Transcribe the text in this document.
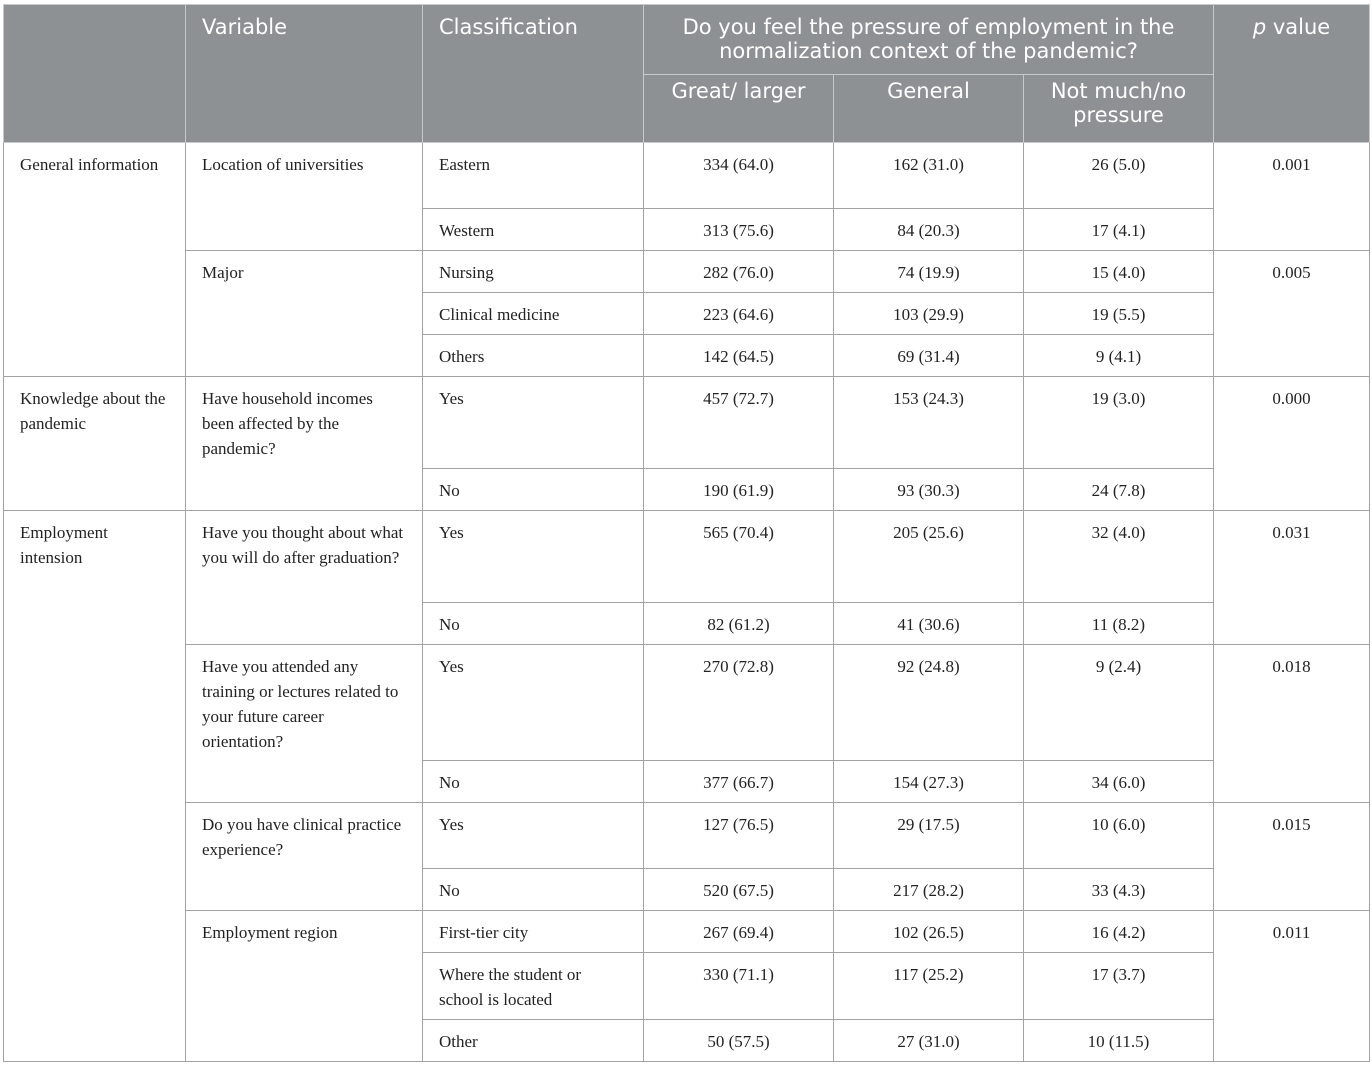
	Variable	Classification	Do you feel the pressure of employment in the normalization context of the pandemic?			p value
			Great/ larger	General	Not much/no pressure	
General information	Location of universities	Eastern	334 (64.0)	162 (31.0)	26 (5.0)	0.001
		Western	313 (75.6)	84 (20.3)	17 (4.1)	
	Major	Nursing	282 (76.0)	74 (19.9)	15 (4.0)	0.005
		Clinical medicine	223 (64.6)	103 (29.9)	19 (5.5)	
		Others	142 (64.5)	69 (31.4)	9 (4.1)	
Knowledge about the pandemic	Have household incomes been affected by the pandemic?	Yes	457 (72.7)	153 (24.3)	19 (3.0)	0.000
		No	190 (61.9)	93 (30.3)	24 (7.8)	
Employment intension	Have you thought about what you will do after graduation?	Yes	565 (70.4)	205 (25.6)	32 (4.0)	0.031
		No	82 (61.2)	41 (30.6)	11 (8.2)	
	Have you attended any training or lectures related to your future career orientation?	Yes	270 (72.8)	92 (24.8)	9 (2.4)	0.018
		No	377 (66.7)	154 (27.3)	34 (6.0)	
	Do you have clinical practice experience?	Yes	127 (76.5)	29 (17.5)	10 (6.0)	0.015
		No	520 (67.5)	217 (28.2)	33 (4.3)	
	Employment region	First-tier city	267 (69.4)	102 (26.5)	16 (4.2)	0.011
		Where the student or school is located	330 (71.1)	117 (25.2)	17 (3.7)	
		Other	50 (57.5)	27 (31.0)	10 (11.5)	
